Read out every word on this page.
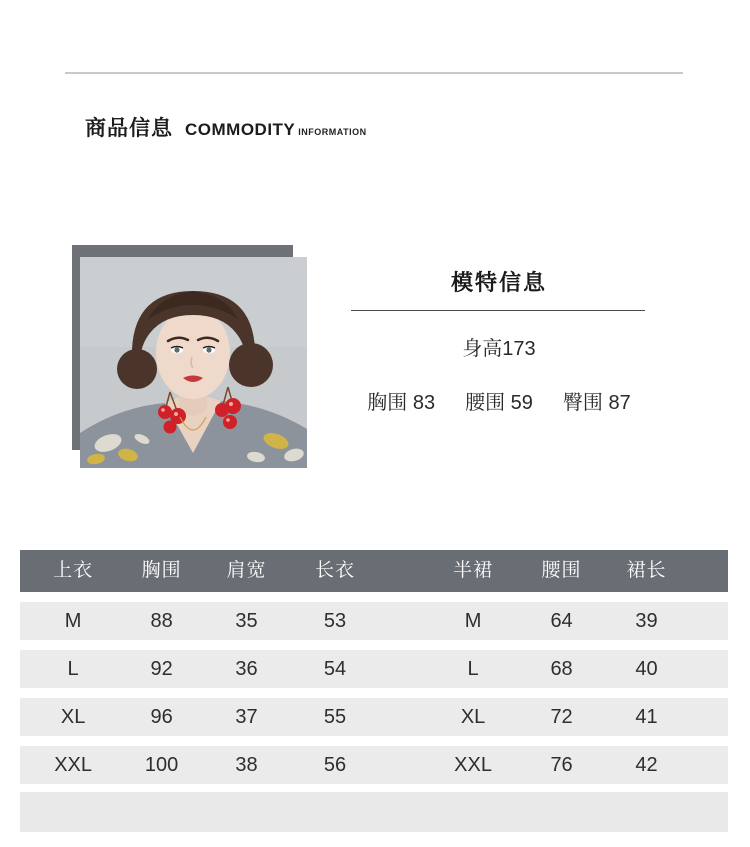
商品信息 COMMODITY INFORMATION
模特信息
身高173
胸围 83 腰围 59 臀围 87
上衣	胸围	肩宽	长衣	半裙	腰围	裙长
M	88	35	53	M	64	39
L	92	36	54	L	68	40
XL	96	37	55	XL	72	41
XXL	100	38	56	XXL	76	42
